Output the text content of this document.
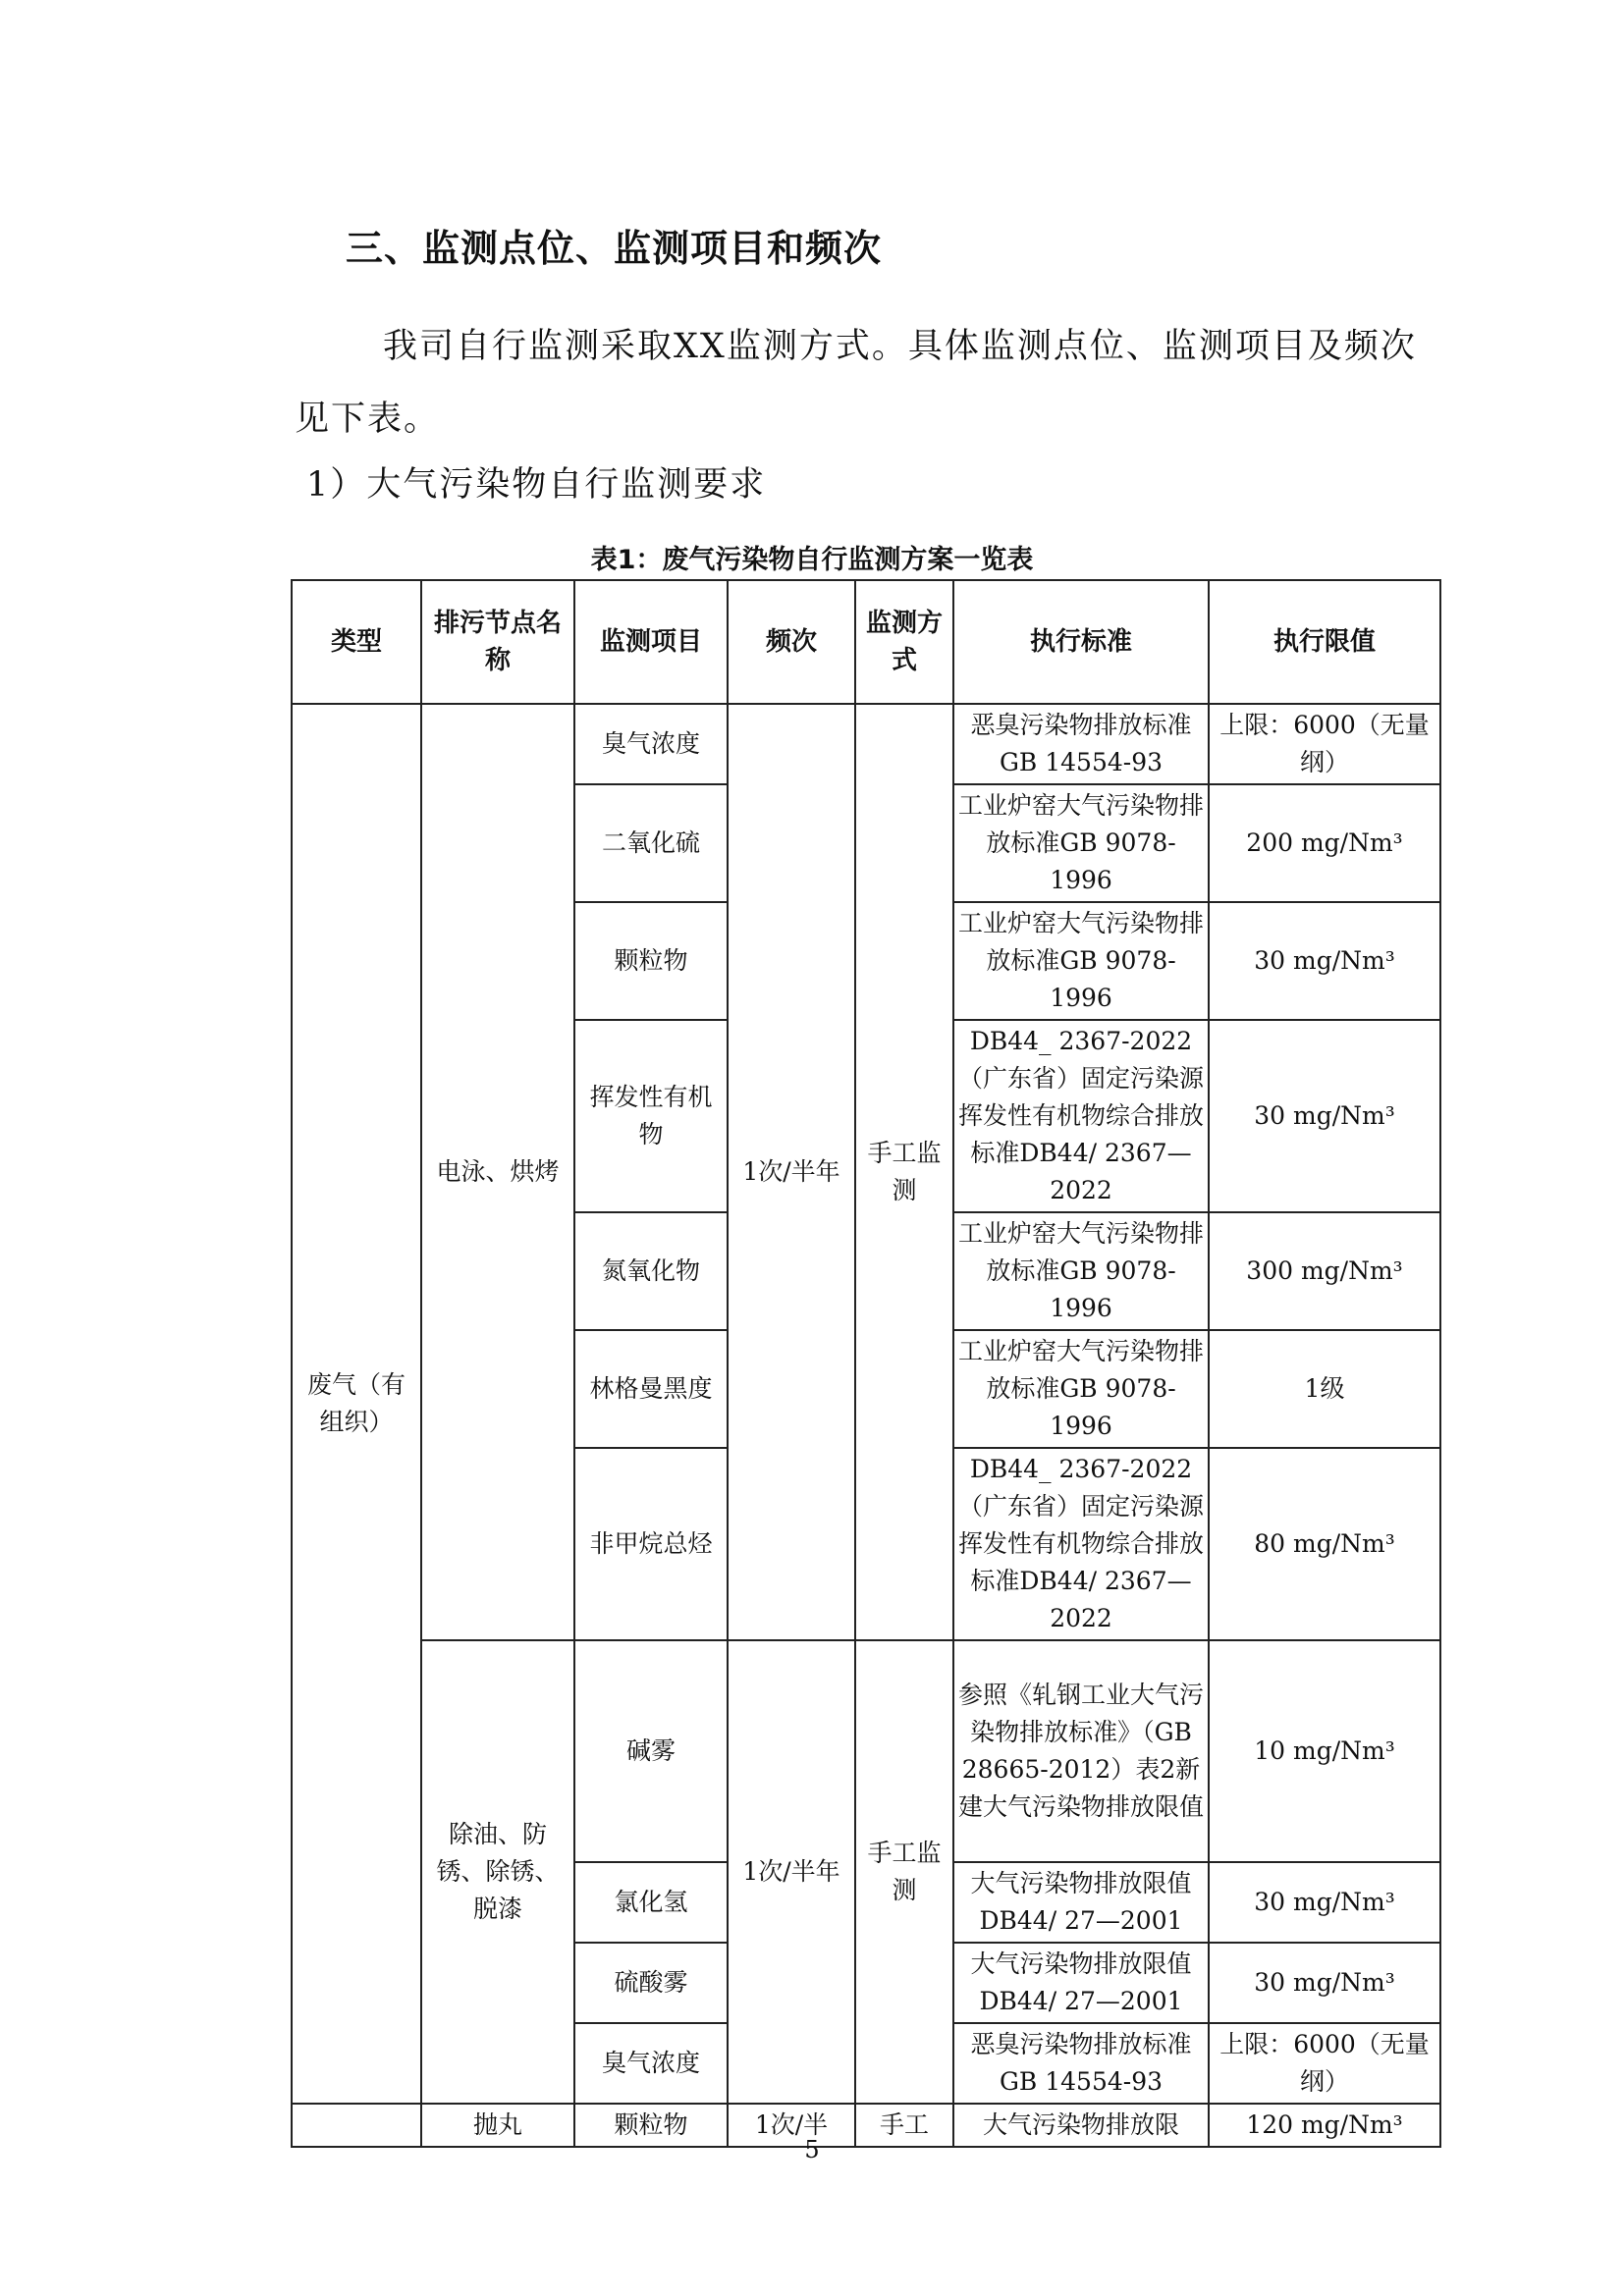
三、监测点位、监测项目和频次
我司自行监测采取XX监测方式。具体监测点位、监测项目及频次见下表。
1）大气污染物自行监测要求
表1：废气污染物自行监测方案一览表
类型	排污节点名称	监测项目	频次	监测方式	执行标准	执行限值
废气（有组织）	电泳、烘烤	臭气浓度	1次/半年	手工监测	恶臭污染物排放标准GB 14554-93	上限：6000（无量纲）
		二氧化硫			工业炉窑大气污染物排放标准GB 9078-1996	200 mg/Nm³
		颗粒物			工业炉窑大气污染物排放标准GB 9078-1996	30 mg/Nm³
		挥发性有机物			DB44_ 2367-2022（广东省）固定污染源挥发性有机物综合排放标准DB44/ 2367—2022	30 mg/Nm³
		氮氧化物			工业炉窑大气污染物排放标准GB 9078-1996	300 mg/Nm³
		林格曼黑度			工业炉窑大气污染物排放标准GB 9078-1996	1级
		非甲烷总烃			DB44_ 2367-2022（广东省）固定污染源挥发性有机物综合排放标准DB44/ 2367—2022	80 mg/Nm³
	除油、防锈、除锈、脱漆	碱雾	1次/半年	手工监测	参照《轧钢工业大气污染物排放标准》（GB 28665-2012）表2新建大气污染物排放限值	10 mg/Nm³
		氯化氢			大气污染物排放限值DB44/ 27—2001	30 mg/Nm³
		硫酸雾			大气污染物排放限值DB44/ 27—2001	30 mg/Nm³
		臭气浓度			恶臭污染物排放标准GB 14554-93	上限：6000（无量纲）
	抛丸	颗粒物	1次/半	手工	大气污染物排放限	120 mg/Nm³
5
